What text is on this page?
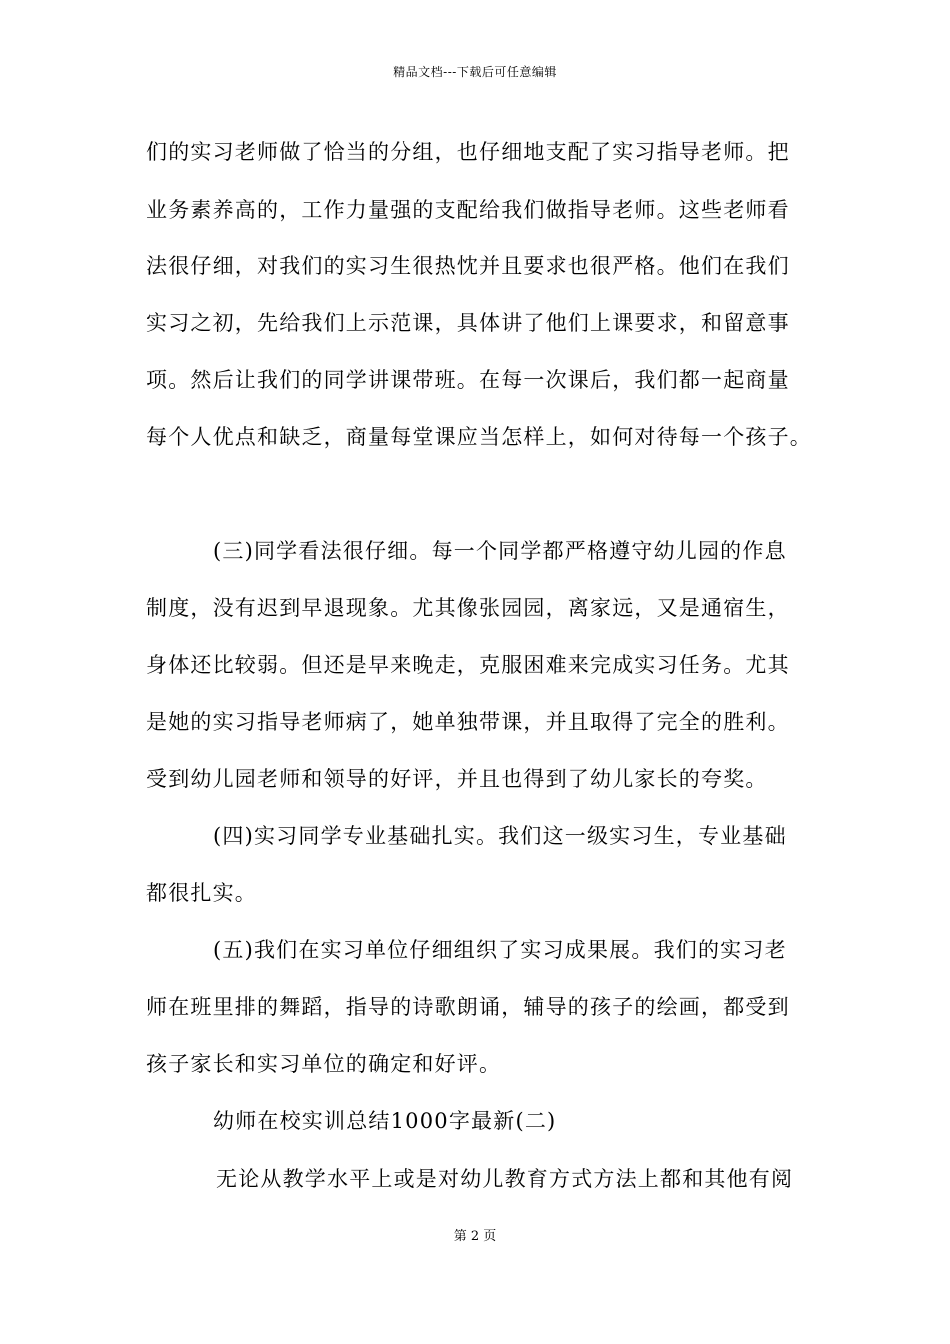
精品文档---下载后可任意编辑
们的实习老师做了恰当的分组，也仔细地支配了实习指导老师。把
业务素养高的，工作力量强的支配给我们做指导老师。这些老师看
法很仔细，对我们的实习生很热忱并且要求也很严格。他们在我们
实习之初，先给我们上示范课，具体讲了他们上课要求，和留意事
项。然后让我们的同学讲课带班。在每一次课后，我们都一起商量
每个人优点和缺乏，商量每堂课应当怎样上，如何对待每一个孩子。
(三)同学看法很仔细。每一个同学都严格遵守幼儿园的作息
制度，没有迟到早退现象。尤其像张园园，离家远，又是通宿生，
身体还比较弱。但还是早来晚走，克服困难来完成实习任务。尤其
是她的实习指导老师病了，她单独带课，并且取得了完全的胜利。
受到幼儿园老师和领导的好评，并且也得到了幼儿家长的夸奖。
(四)实习同学专业基础扎实。我们这一级实习生，专业基础
都很扎实。
(五)我们在实习单位仔细组织了实习成果展。我们的实习老
师在班里排的舞蹈，指导的诗歌朗诵，辅导的孩子的绘画，都受到
孩子家长和实习单位的确定和好评。
幼师在校实训总结1000字最新(二)
无论从教学水平上或是对幼儿教育方式方法上都和其他有阅
第 2 页
